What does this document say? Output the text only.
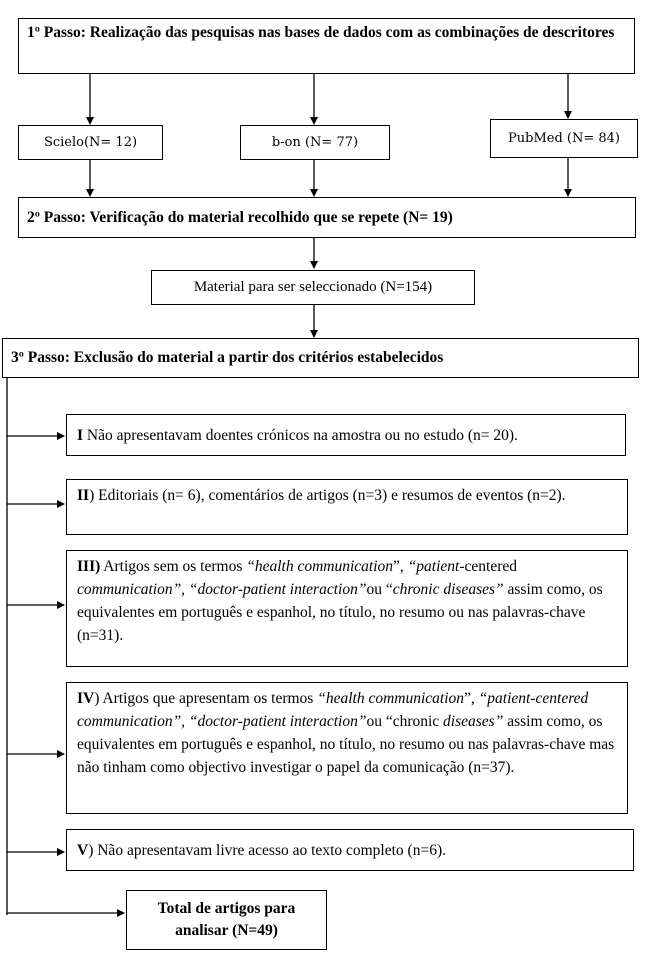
1º Passo: Realização das pesquisas nas bases de dados com as combinações de descritores
Scielo(N= 12)	b-on (N= 77)	PubMed (N= 84)
2º Passo: Verificação do material recolhido que se repete (N= 19)
Material para ser seleccionado (N=154)
3º Passo: Exclusão do material a partir dos critérios estabelecidos
I Não apresentavam doentes crónicos na amostra ou no estudo (n= 20).
II) Editoriais (n= 6), comentários de artigos (n=3) e resumos de eventos (n=2).
III) Artigos sem os termos “health communication”, “patient-centered communication”, “doctor-patient interaction”ou “chronic diseases” assim como, os equivalentes em português e espanhol, no título, no resumo ou nas palavras-chave (n=31).
IV) Artigos que apresentam os termos “health communication”, “patient-centered communication”, “doctor-patient interaction”ou “chronic diseases” assim como, os equivalentes em português e espanhol, no título, no resumo ou nas palavras-chave mas não tinham como objectivo investigar o papel da comunicação (n=37).
V) Não apresentavam livre acesso ao texto completo (n=6).
Total de artigos para
analisar (N=49)
